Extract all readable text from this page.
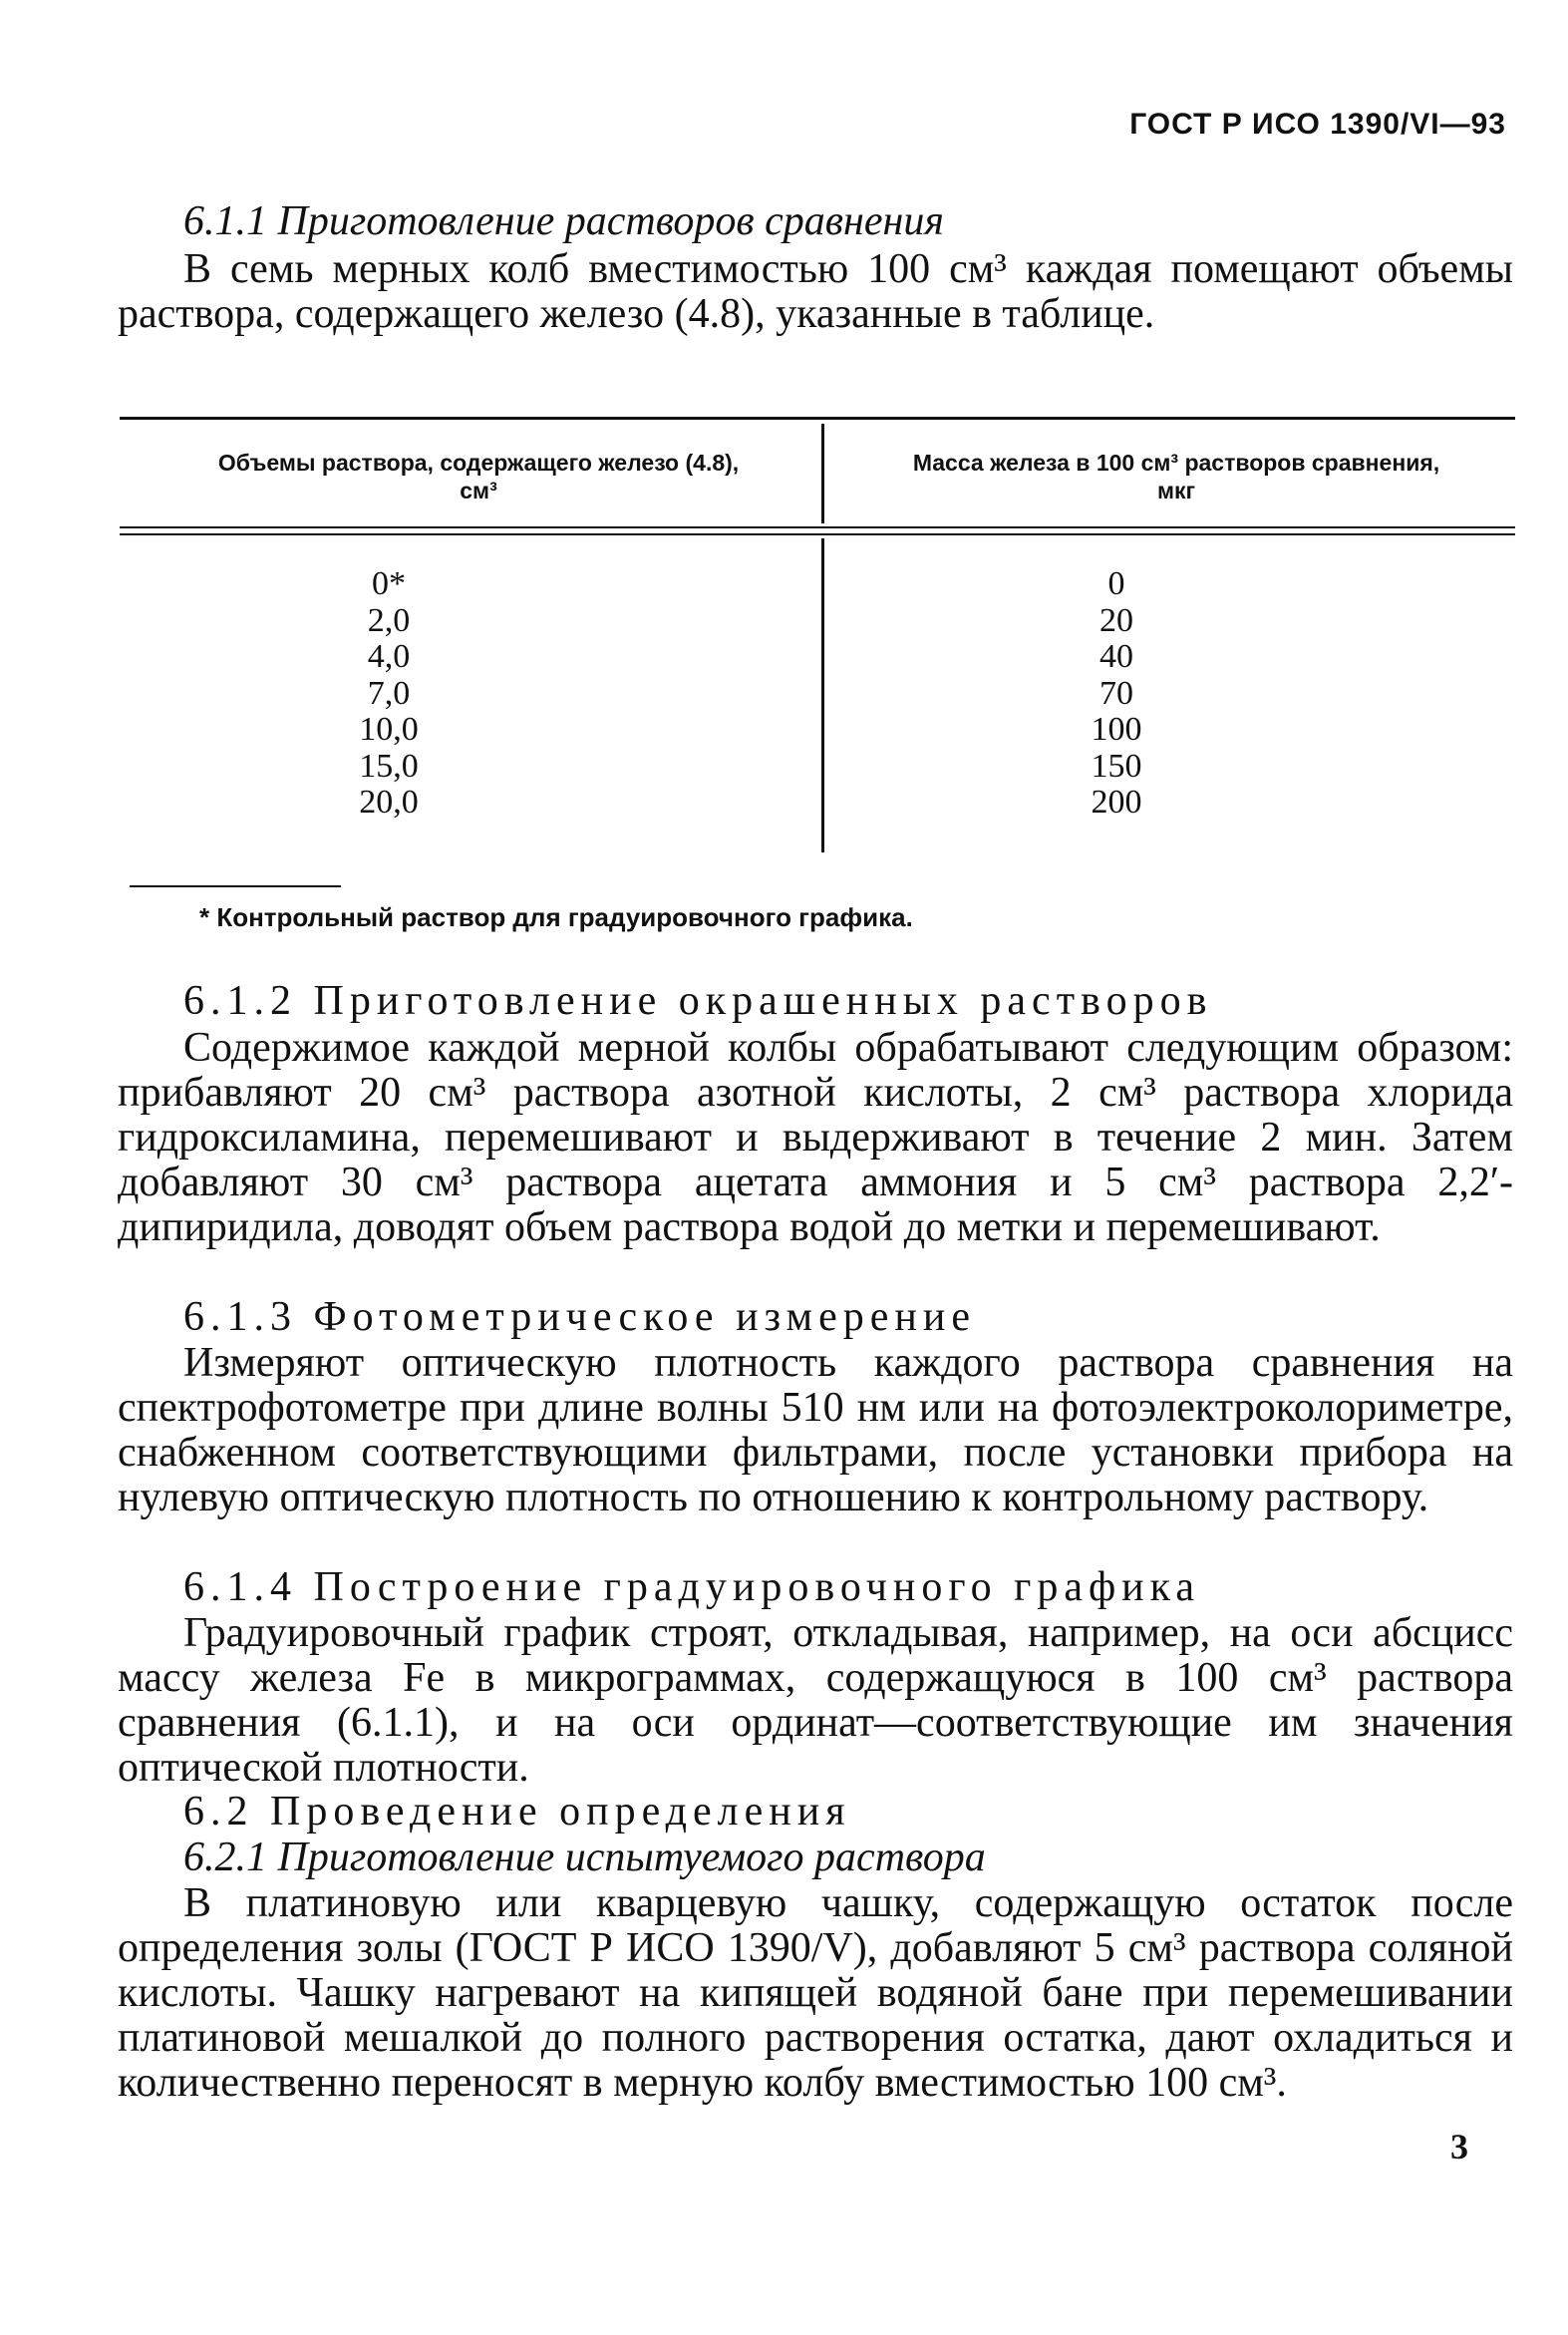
ГОСТ Р ИСО 1390/VI—93
6.1.1 Приготовление растворов сравнения
В семь мерных колб вместимостью 100 см³ каждая помещают объемы раствора, содержащего железо (4.8), указанные в таблице.
Объемы раствора, содержащего железо (4.8), см³
Масса железа в 100 см³ растворов сравнения, мкг
0*
2,0
4,0
7,0
10,0
15,0
20,0
0
20
40
70
100
150
200
* Контрольный раствор для градуировочного графика.
6.1.2 Приготовление окрашенных растворов
Содержимое каждой мерной колбы обрабатывают следующим образом: прибавляют 20 см³ раствора азотной кислоты, 2 см³ раствора хлорида гидроксиламина, перемешивают и выдерживают в течение 2 мин. Затем добавляют 30 см³ раствора ацетата аммония и 5 см³ раствора 2,2′-дипиридила, доводят объем раствора водой до метки и перемешивают.
6.1.3 Фотометрическое измерение
Измеряют оптическую плотность каждого раствора сравнения на спектрофотометре при длине волны 510 нм или на фотоэлектроколориметре, снабженном соответствующими фильтрами, после установки прибора на нулевую оптическую плотность по отношению к контрольному раствору.
6.1.4 Построение градуировочного графика
Градуировочный график строят, откладывая, например, на оси абсцисс массу железа Fe в микрограммах, содержащуюся в 100 см³ раствора сравнения (6.1.1), и на оси ординат—соответствующие им значения оптической плотности.
6.2 Проведение определения
6.2.1 Приготовление испытуемого раствора
В платиновую или кварцевую чашку, содержащую остаток после определения золы (ГОСТ Р ИСО 1390/V), добавляют 5 см³ раствора соляной кислоты. Чашку нагревают на кипящей водяной бане при перемешивании платиновой мешалкой до полного растворения остатка, дают охладиться и количественно переносят в мерную колбу вместимостью 100 см³.
3
